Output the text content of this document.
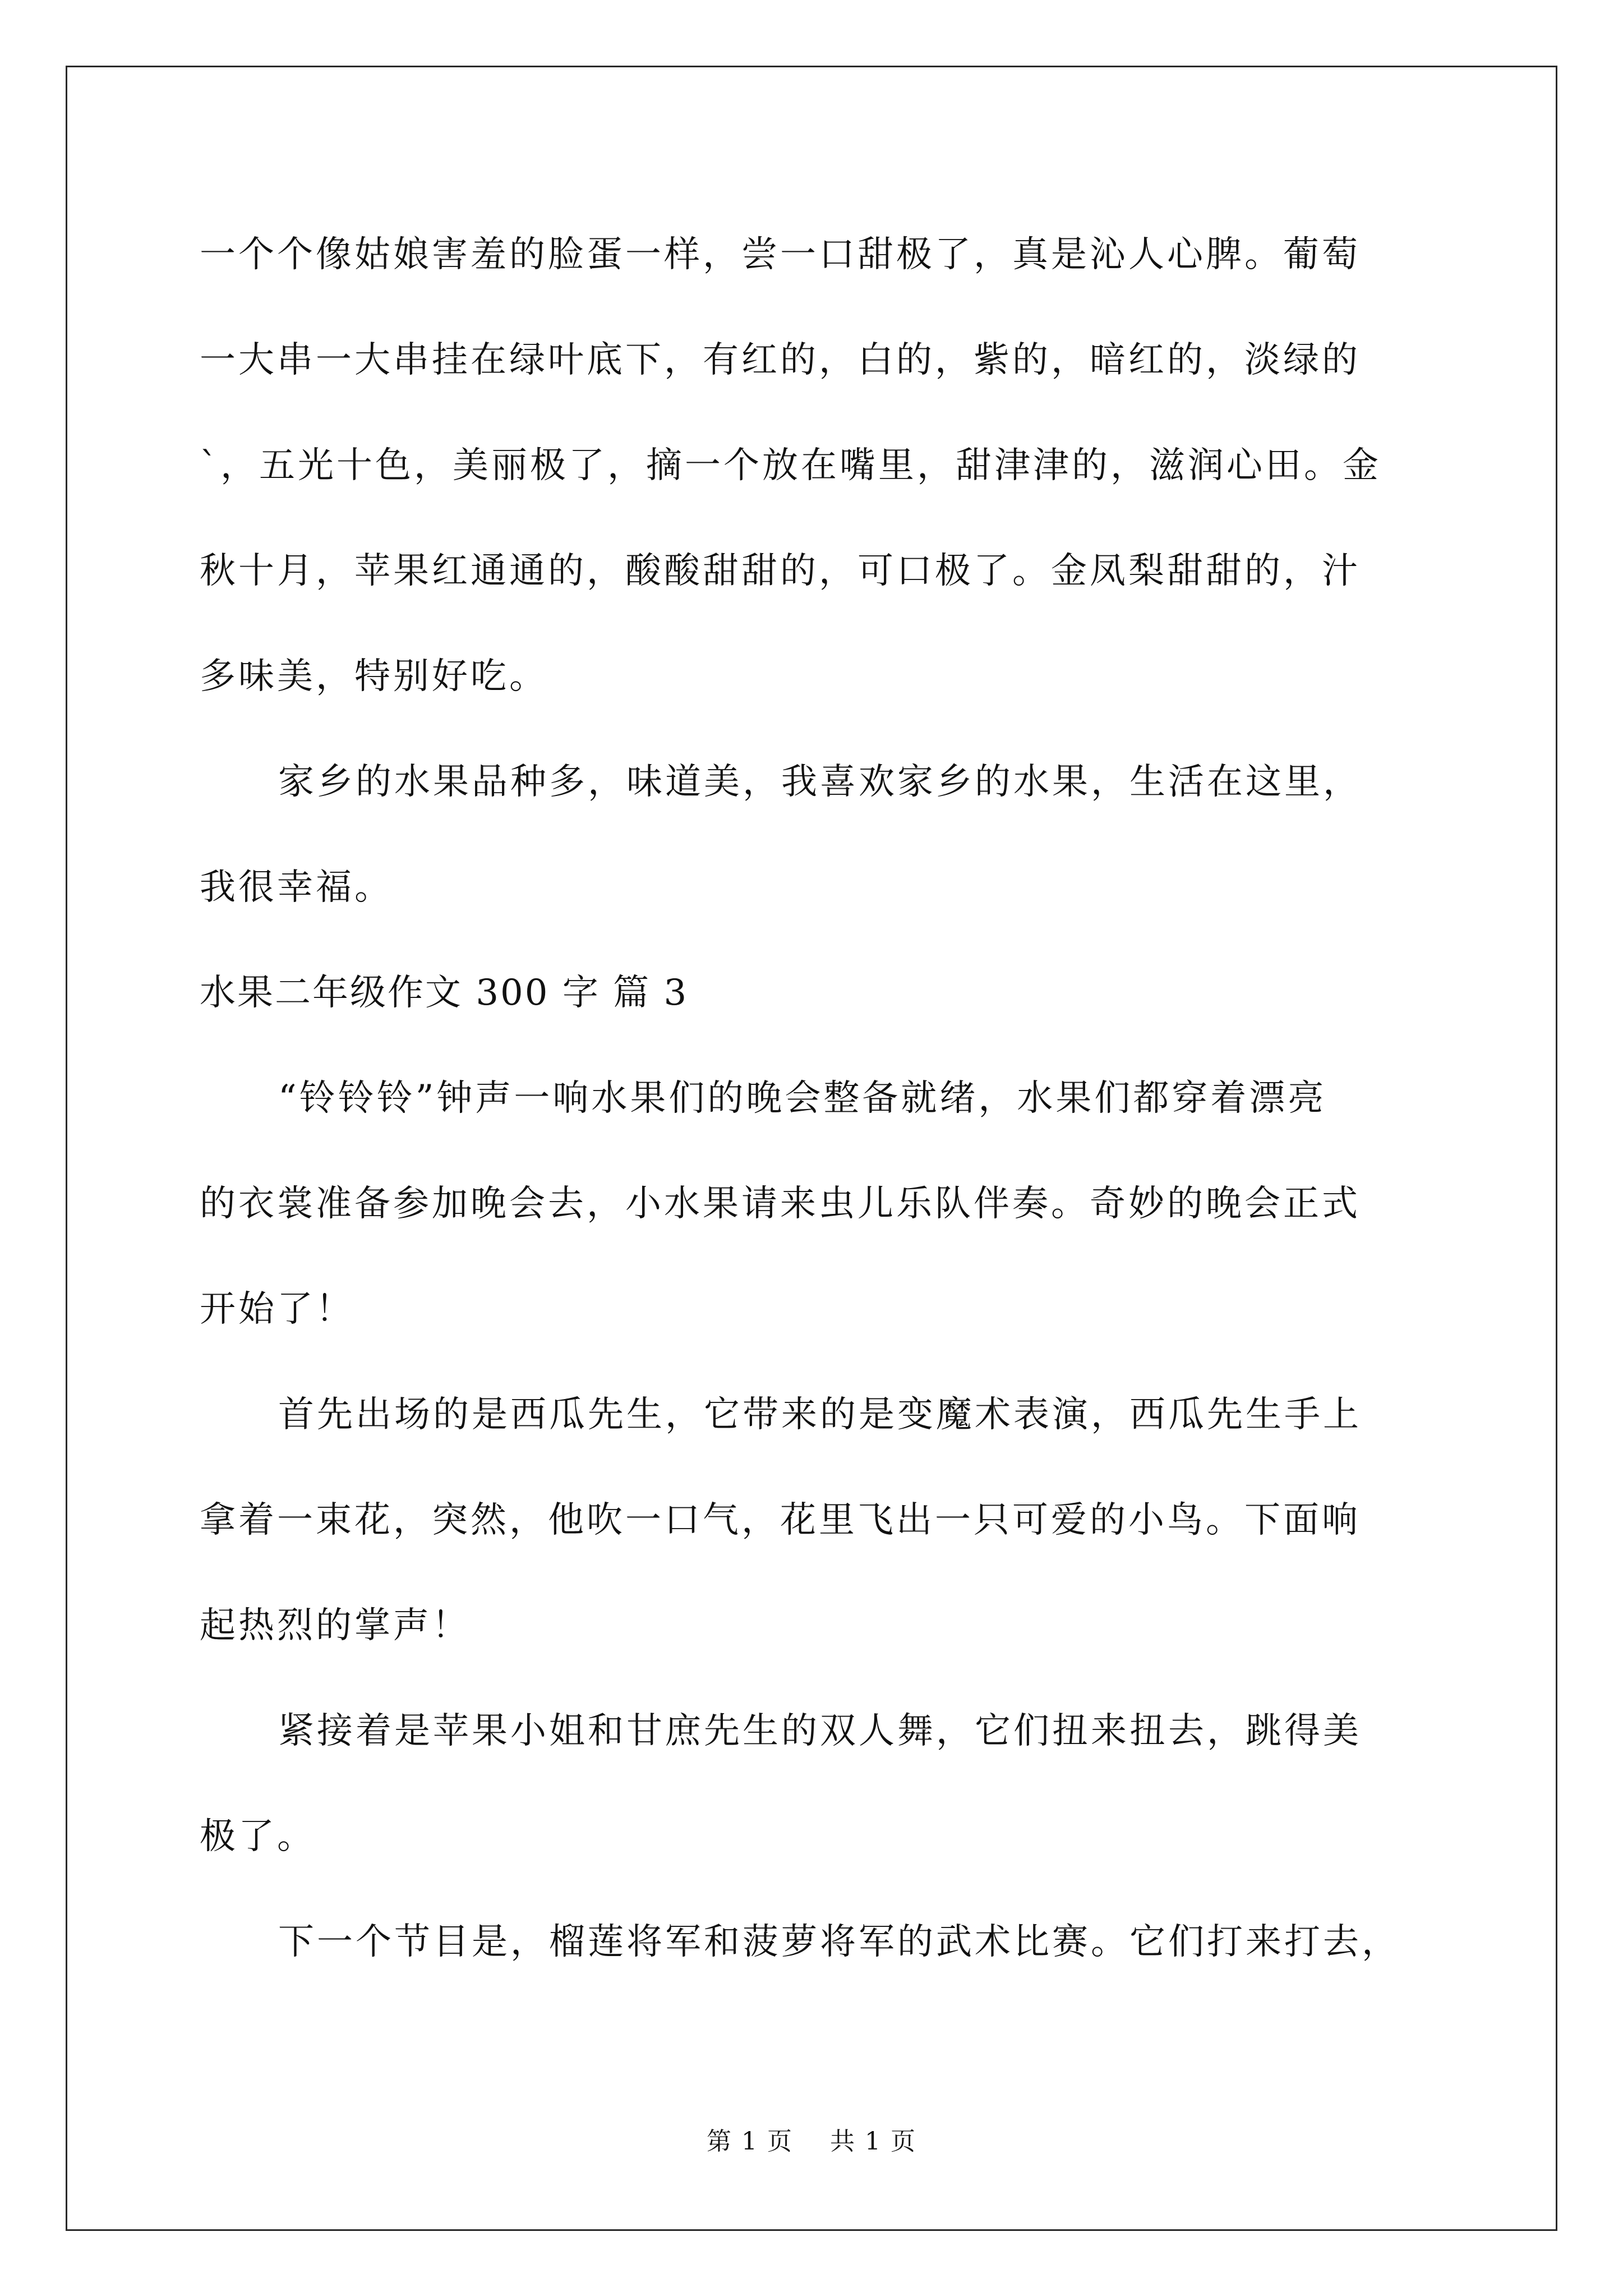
一个个像姑娘害羞的脸蛋一样，尝一口甜极了，真是沁人心脾。葡萄
一大串一大串挂在绿叶底下，有红的，白的，紫的，暗红的，淡绿的
`，五光十色，美丽极了，摘一个放在嘴里，甜津津的，滋润心田。金
秋十月，苹果红通通的，酸酸甜甜的，可口极了。金凤梨甜甜的，汁
多味美，特别好吃。
家乡的水果品种多，味道美，我喜欢家乡的水果，生活在这里，
我很幸福。
水果二年级作文 300 字 篇 3
“铃铃铃”钟声一响水果们的晚会整备就绪，水果们都穿着漂亮
的衣裳准备参加晚会去，小水果请来虫儿乐队伴奏。奇妙的晚会正式
开始了！
首先出场的是西瓜先生，它带来的是变魔术表演，西瓜先生手上
拿着一束花，突然，他吹一口气，花里飞出一只可爱的小鸟。下面响
起热烈的掌声！
紧接着是苹果小姐和甘庶先生的双人舞，它们扭来扭去，跳得美
极了。
下一个节目是，榴莲将军和菠萝将军的武术比赛。它们打来打去，
第 1 页 共 1 页
